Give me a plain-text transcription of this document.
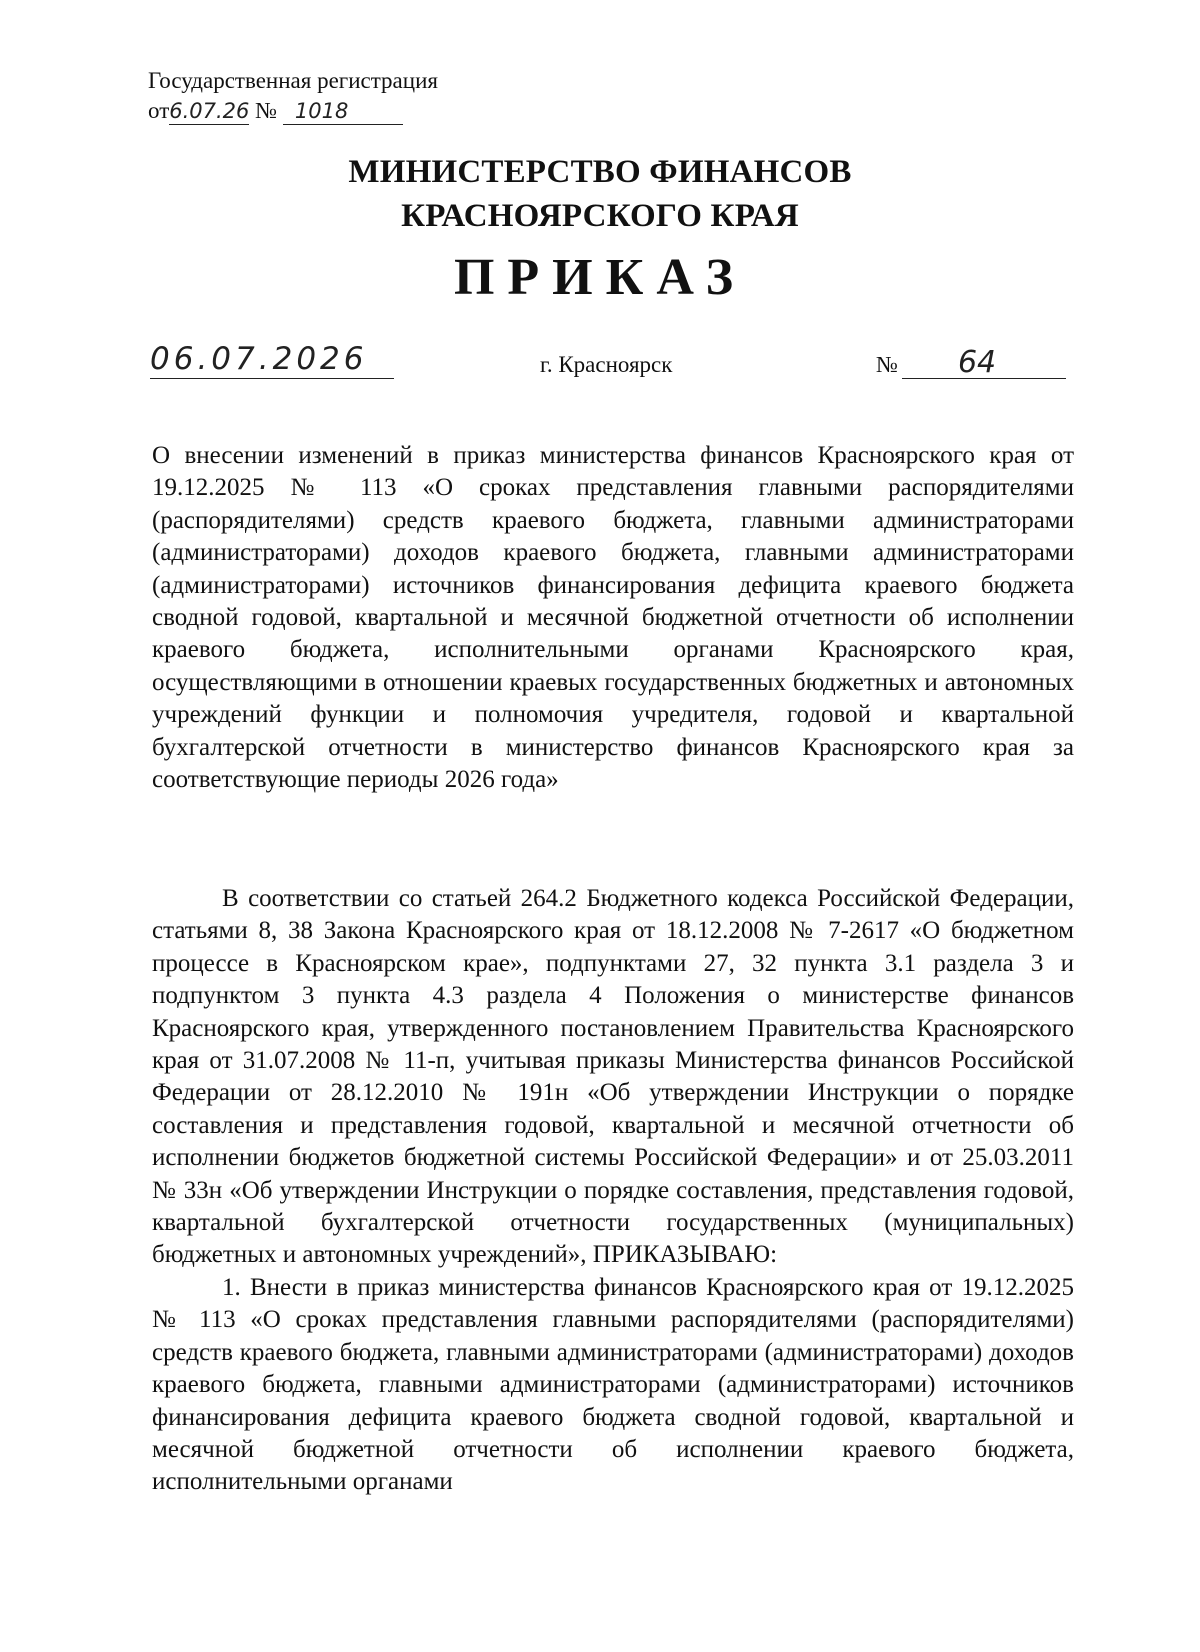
Государственная регистрация
от6.07.26 № 1018
МИНИСТЕРСТВО ФИНАНСОВ
КРАСНОЯРСКОГО КРАЯ
ПРИКАЗ
06.07.2026	г. Красноярск	№ 64

О внесении изменений в приказ министерства финансов Красноярского края от 19.12.2025 № 113 «О сроках представления главными распорядителями (распорядителями) средств краевого бюджета, главными администраторами (администраторами) доходов краевого бюджета, главными администраторами (администраторами) источников финансирования дефицита краевого бюджета сводной годовой, квартальной и месячной бюджетной отчетности об исполнении краевого бюджета, исполнительными органами Красноярского края, осуществляющими в отношении краевых государственных бюджетных и автономных учреждений функции и полномочия учредителя, годовой и квартальной бухгалтерской отчетности в министерство финансов Красноярского края за соответствующие периоды 2026 года»

В соответствии со статьей 264.2 Бюджетного кодекса Российской Федерации, статьями 8, 38 Закона Красноярского края от 18.12.2008 № 7-2617 «О бюджетном процессе в Красноярском крае», подпунктами 27, 32 пункта 3.1 раздела 3 и подпунктом 3 пункта 4.3 раздела 4 Положения о министерстве финансов Красноярского края, утвержденного постановлением Правительства Красноярского края от 31.07.2008 № 11-п, учитывая приказы Министерства финансов Российской Федерации от 28.12.2010 № 191н «Об утверждении Инструкции о порядке составления и представления годовой, квартальной и месячной отчетности об исполнении бюджетов бюджетной системы Российской Федерации» и от 25.03.2011 № 33н «Об утверждении Инструкции о порядке составления, представления годовой, квартальной бухгалтерской отчетности государственных (муниципальных) бюджетных и автономных учреждений», ПРИКАЗЫВАЮ:

1. Внести в приказ министерства финансов Красноярского края от 19.12.2025 № 113 «О сроках представления главными распорядителями (распорядителями) средств краевого бюджета, главными администраторами (администраторами) доходов краевого бюджета, главными администраторами (администраторами) источников финансирования дефицита краевого бюджета сводной годовой, квартальной и месячной бюджетной отчетности об исполнении краевого бюджета, исполнительными органами
